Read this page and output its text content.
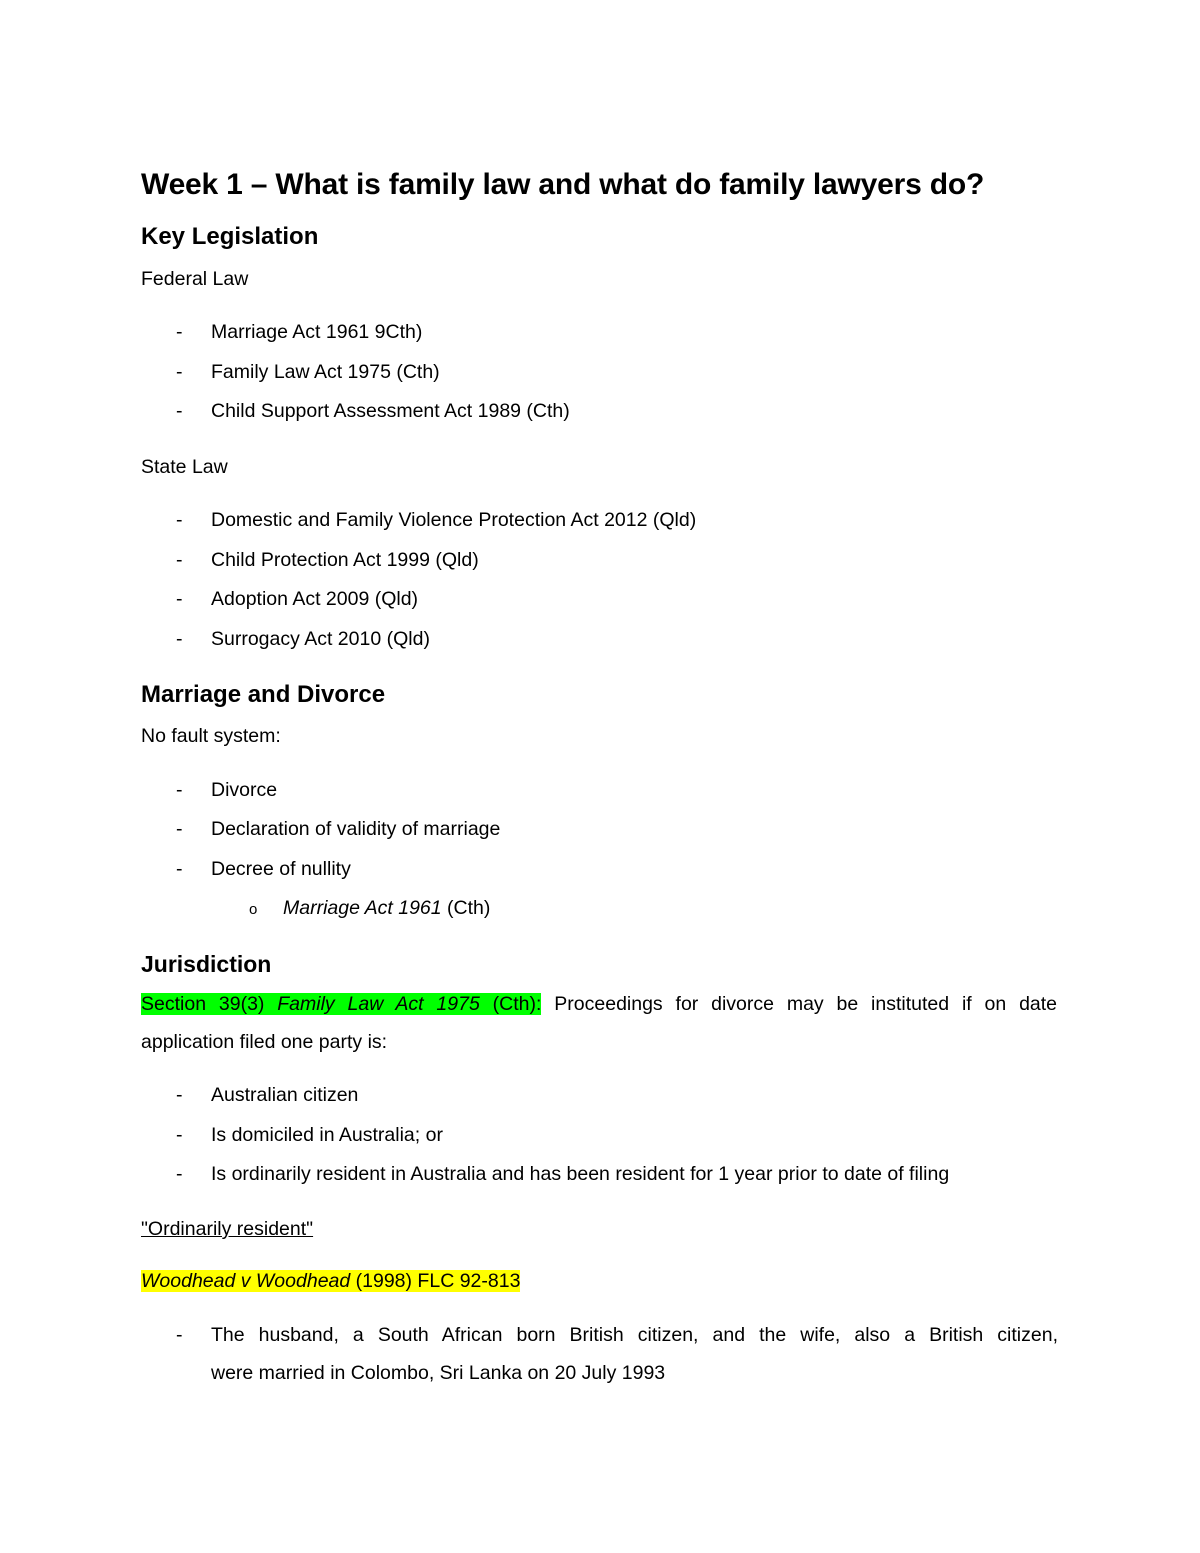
Week 1 – What is family law and what do family lawyers do?
Key Legislation
Federal Law
- Marriage Act 1961 9Cth)
- Family Law Act 1975 (Cth)
- Child Support Assessment Act 1989 (Cth)
State Law
- Domestic and Family Violence Protection Act 2012 (Qld)
- Child Protection Act 1999 (Qld)
- Adoption Act 2009 (Qld)
- Surrogacy Act 2010 (Qld)
Marriage and Divorce
No fault system:
- Divorce
- Declaration of validity of marriage
- Decree of nullity
o Marriage Act 1961 (Cth)
Jurisdiction
Section 39(3) Family Law Act 1975 (Cth): Proceedings for divorce may be instituted if on date
application filed one party is:
- Australian citizen
- Is domiciled in Australia; or
- Is ordinarily resident in Australia and has been resident for 1 year prior to date of filing
"Ordinarily resident"
Woodhead v Woodhead (1998) FLC 92-813
- The husband, a South African born British citizen, and the wife, also a British citizen,
were married in Colombo, Sri Lanka on 20 July 1993
